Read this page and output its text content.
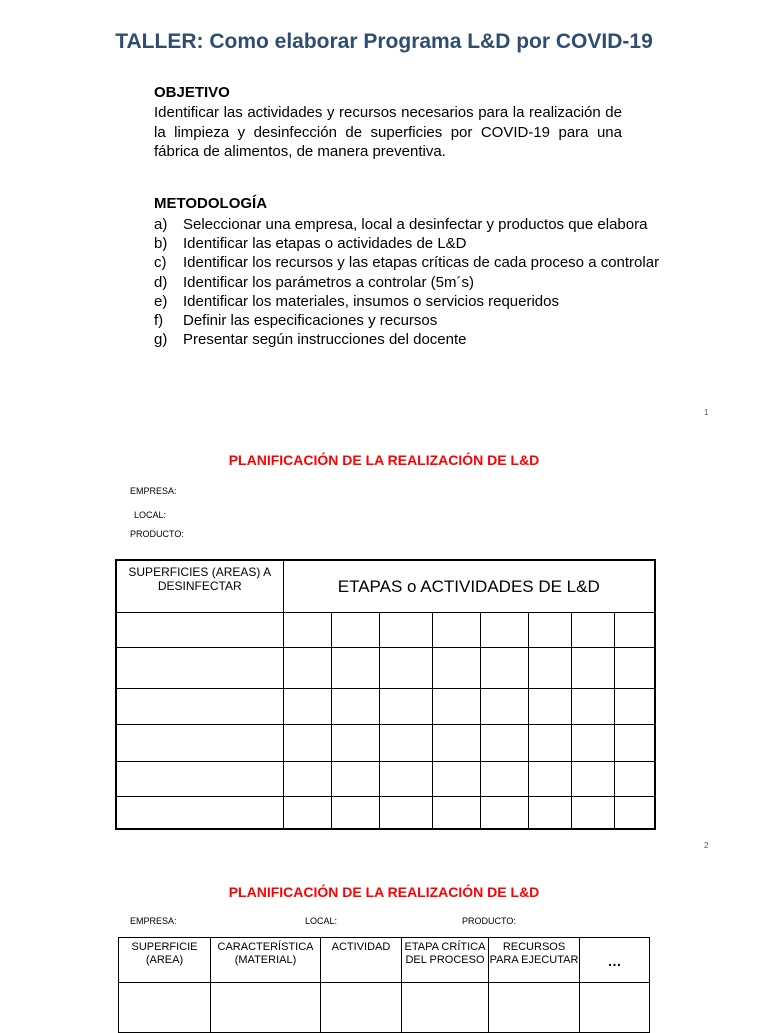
TALLER: Como elaborar Programa L&D por COVID-19
OBJETIVO
Identificar las actividades y recursos necesarios para la realización de la limpieza y desinfección de superficies por COVID-19 para una fábrica de alimentos, de manera preventiva.
METODOLOGÍA
a)	Seleccionar una empresa, local a desinfectar y productos que elabora
b)	Identificar las etapas o actividades de L&D
c)	Identificar los recursos y las etapas críticas de cada proceso a controlar
d)	Identificar los parámetros a controlar (5m´s)
e)	Identificar los materiales, insumos o servicios requeridos
f)	Definir las especificaciones y recursos
g)	Presentar según instrucciones del docente
1
PLANIFICACIÓN DE LA REALIZACIÓN DE L&D
EMPRESA:
LOCAL:
PRODUCTO:
SUPERFICIES (AREAS) A DESINFECTAR	ETAPAS o ACTIVIDADES DE L&D							

2
PLANIFICACIÓN DE LA REALIZACIÓN DE L&D
EMPRESA:	LOCAL:	PRODUCTO:
SUPERFICIE (AREA)	CARACTERÍSTICA (MATERIAL)	ACTIVIDAD	ETAPA CRÍTICA DEL PROCESO	RECURSOS PARA EJECUTAR	…
